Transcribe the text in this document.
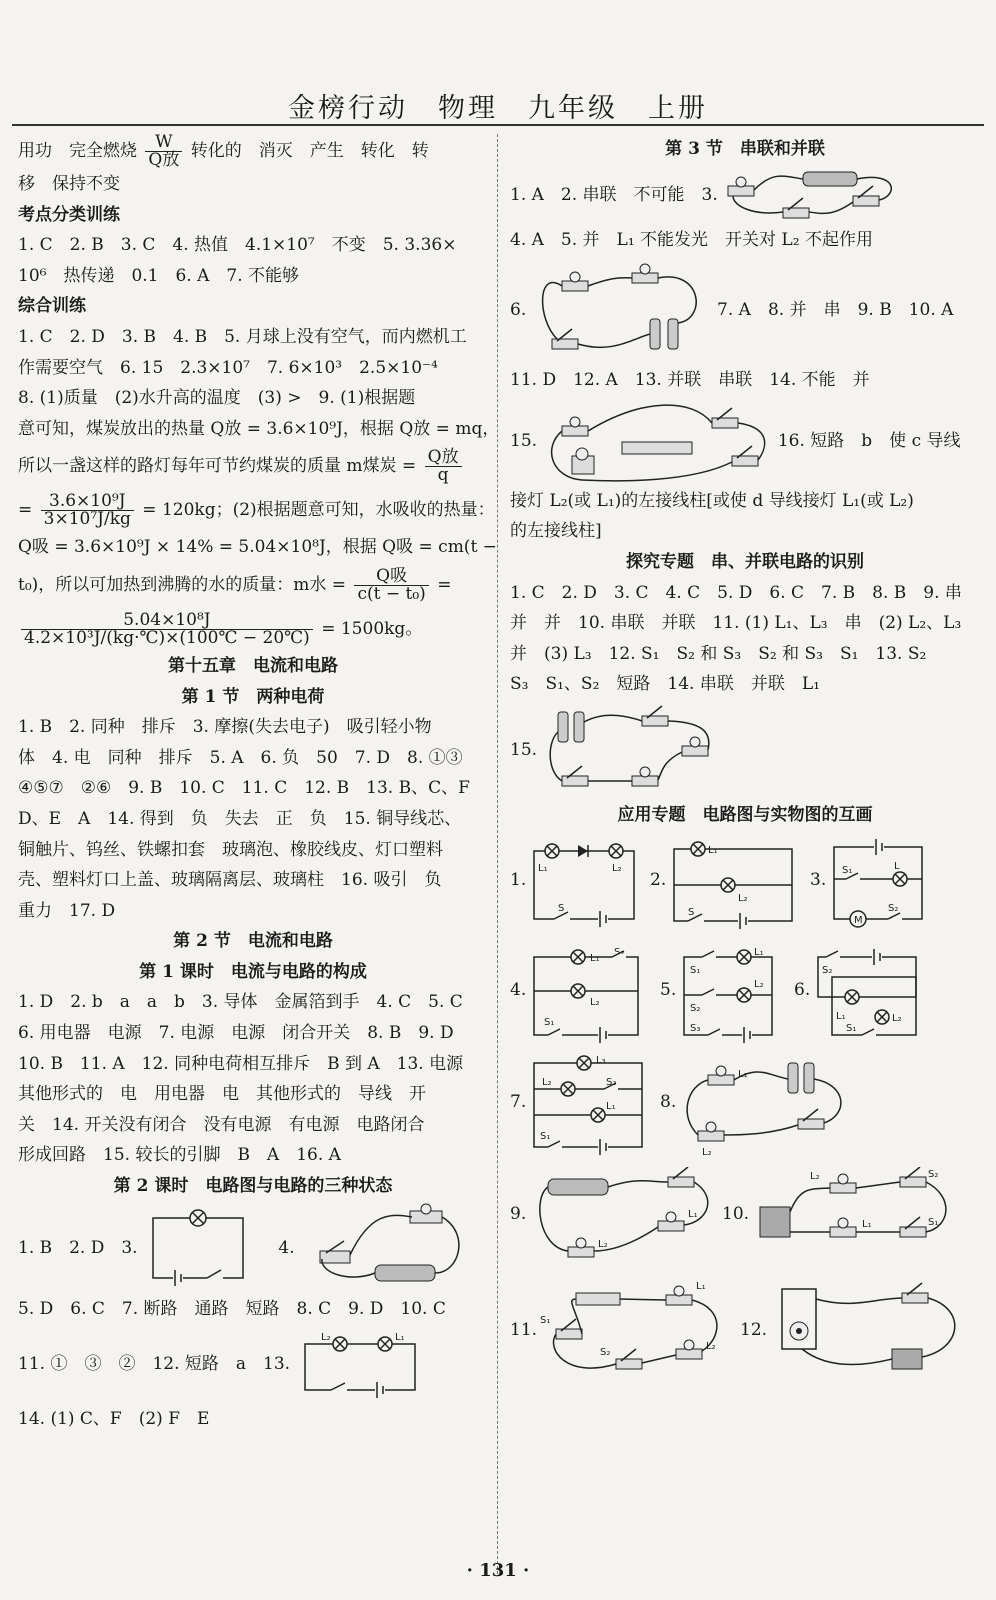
金榜行动　物理　九年级　上册
用功　完全燃烧 $\frac{W}{\text{Q放}}$ 转化的　消灭　产生　转化　转
移　保持不变
考点分类训练
1. C　2. B　3. C　4. 热值　4.1×10⁷　不变　5. 3.36×
10⁶　热传递　0.1　6. A　7. 不能够
综合训练
1. C　2. D　3. B　4. B　5. 月球上没有空气，而内燃机工
作需要空气　6. 15　2.3×10⁷　7. 6×10³　2.5×10⁻⁴
8. (1)质量　(2)水升高的温度　(3) >　9. (1)根据题
意可知，煤炭放出的热量 Q放 = 3.6×10⁹J，根据 Q放 = mq，
所以一盏这样的路灯每年可节约煤炭的质量 m煤炭 = $\frac{\text{Q放}}{q}$
= $\frac{\text{3.6×10⁹J}}{\text{3×10⁷J/kg}} = 120kg$；(2)根据题意可知，水吸收的热量：
Q吸 = 3.6×10⁹J × 14% = 5.04×10⁸J，根据 Q吸 = cm(t −
t₀)，所以可加热到沸腾的水的质量：m水 = $\frac{\text{Q吸}}{\text{c(t − t₀)}}$ =
$\frac{\text{5.04×10⁸J}}{\text{4.2×10³J/(kg·℃)×(100℃ − 20℃)}} = 1500kg$。
第十五章　电流和电路
第 1 节　两种电荷
1. B　2. 同种　排斥　3. 摩擦(失去电子)　吸引轻小物
体　4. 电　同种　排斥　5. A　6. 负　50　7. D　8. ①③
④⑤⑦　②⑥　9. B　10. C　11. C　12. B　13. B、C、F
D、E　A　14. 得到　负　失去　正　负　15. 铜导线芯、
铜触片、钨丝、铁螺扣套　玻璃泡、橡胶线皮、灯口塑料
壳、塑料灯口上盖、玻璃隔离层、玻璃柱　16. 吸引　负
重力　17. D
第 2 节　电流和电路
第 1 课时　电流与电路的构成
1. D　2. b　a　a　b　3. 导体　金属箔到手　4. C　5. C
6. 用电器　电源　7. 电源　电源　闭合开关　8. B　9. D
10. B　11. A　12. 同种电荷相互排斥　B 到 A　13. 电源
其他形式的　电　用电器　电　其他形式的　导线　开
关　14. 开关没有闭合　没有电源　有电源　电路闭合
形成回路　15. 较长的引脚　B　A　16. A
第 2 课时　电路图与电路的三种状态
1. B　2. D　3.	4.
5. D　6. C　7. 断路　通路　短路　8. C　9. D　10. C
11. ①　③　②　12. 短路　a　13.
L₂	L₁
14. (1) C、F　(2) F　E
第 3 节　串联和并联
1. A　2. 串联　不可能　3.
4. A　5. 并　L₁ 不能发光　开关对 L₂ 不起作用
6.	7. A　8. 并　串　9. B　10. A
11. D　12. A　13. 并联　串联　14. 不能　并
15.	16. 短路　b　使 c 导线
接灯 L₂(或 L₁)的左接线柱[或使 d 导线接灯 L₁(或 L₂)
的左接线柱]
探究专题　串、并联电路的识别
1. C　2. D　3. C　4. C　5. D　6. C　7. B　8. B　9. 串
并　并　10. 串联　并联　11. (1) L₁、L₃　串　(2) L₂、L₃
并　(3) L₃　12. S₁　S₂ 和 S₃　S₂ 和 S₃　S₁　13. S₂
S₃　S₁、S₂　短路　14. 串联　并联　L₁
15.
应用专题　电路图与实物图的互画
1.
L₁	L₂
S
2.
L₁
L₂
S
3.
L
S₁
M
S₂
4.
L₁
L₂
S₂
S₁
5.
L₁
L₂
S₁
S₂
S₃
6.
S₂
L₁	L₂
S₁
7.
L₃
L₂
L₁
S₂
S₁
8.
L₁
L₂
9.	L₁
L₂
10.
L₂
L₁
S₂
S₁
11. S₁
S₂
L₁
L₂
12.
· 131 ·
